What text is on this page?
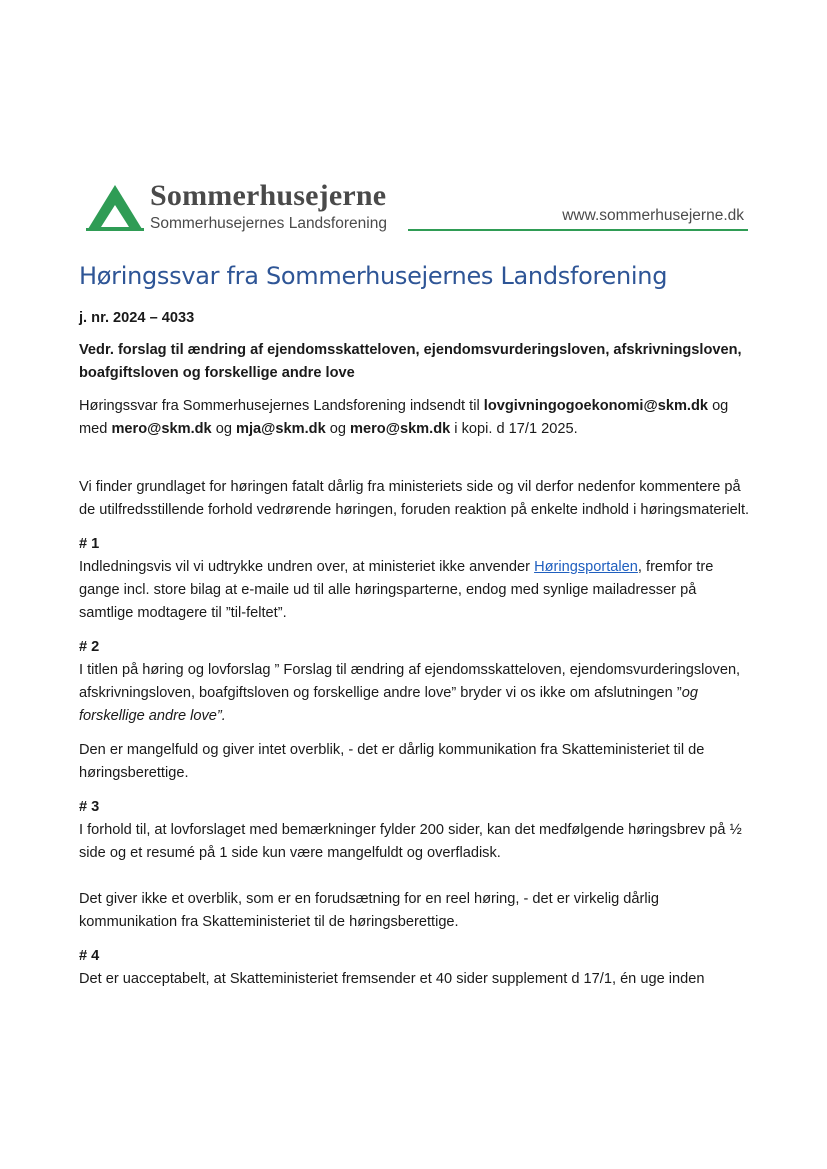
Sommerhusejerne
Sommerhusejernes Landsforening	www.sommerhusejerne.dk
Høringssvar fra Sommerhusejernes Landsforening

j. nr. 2024 – 4033

Vedr. forslag til ændring af ejendomsskatteloven, ejendomsvurderingsloven, afskrivningsloven, boafgiftsloven og forskellige andre love

Høringssvar fra Sommerhusejernes Landsforening indsendt til lovgivningogoekonomi@skm.dk og med mero@skm.dk og mja@skm.dk og mero@skm.dk i kopi. d 17/1 2025.

Vi finder grundlaget for høringen fatalt dårlig fra ministeriets side og vil derfor nedenfor kommentere på de utilfredsstillende forhold vedrørende høringen, foruden reaktion på enkelte indhold i høringsmaterielt.

# 1

Indledningsvis vil vi udtrykke undren over, at ministeriet ikke anvender Høringsportalen, fremfor tre gange incl. store bilag at e-maile ud til alle høringsparterne, endog med synlige mailadresser på samtlige modtagere til ”til-feltet”.

# 2

I titlen på høring og lovforslag ” Forslag til ændring af ejendomsskatteloven, ejendomsvurderingsloven, afskrivningsloven, boafgiftsloven og forskellige andre love” bryder vi os ikke om afslutningen ”og forskellige andre love”.

Den er mangelfuld og giver intet overblik, - det er dårlig kommunikation fra Skatteministeriet til de høringsberettige.

# 3

I forhold til, at lovforslaget med bemærkninger fylder 200 sider, kan det medfølgende høringsbrev på ½ side og et resumé på 1 side kun være mangelfuldt og overfladisk.

Det giver ikke et overblik, som er en forudsætning for en reel høring, - det er virkelig dårlig kommunikation fra Skatteministeriet til de høringsberettige.

# 4

Det er uacceptabelt, at Skatteministeriet fremsender et 40 sider supplement d 17/1, én uge inden
